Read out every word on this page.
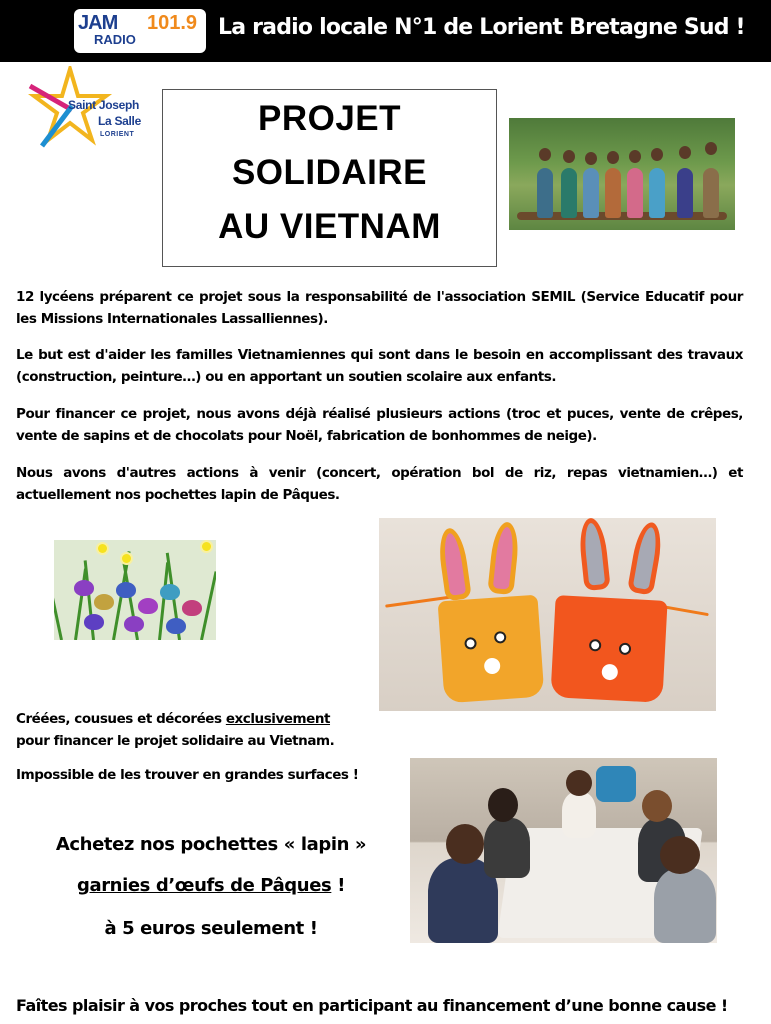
JAM 101.9
RADIO	La radio locale N°1 de Lorient Bretagne Sud !
Saint Joseph
La Salle
LORIENT	PROJET
SOLIDAIRE
AU VIETNAM
12 lycéens préparent ce projet sous la responsabilité de l'association SEMIL (Service Educatif pour les Missions Internationales Lassalliennes).
Le but est d'aider les familles Vietnamiennes qui sont dans le besoin en accomplissant des travaux (construction, peinture…) ou en apportant un soutien scolaire aux enfants.
Pour financer ce projet, nous avons déjà réalisé plusieurs actions (troc et puces, vente de crêpes, vente de sapins et de chocolats pour Noël, fabrication de bonhommes de neige).
Nous avons d'autres actions à venir (concert, opération bol de riz, repas vietnamien…) et actuellement nos pochettes lapin de Pâques.
Créées, cousues et décorées exclusivement
pour financer le projet solidaire au Vietnam.
Impossible de les trouver en grandes surfaces !
Achetez nos pochettes « lapin »
garnies d’œufs de Pâques !
à 5 euros seulement !
Faîtes plaisir à vos proches tout en participant au financement d’une bonne cause !
